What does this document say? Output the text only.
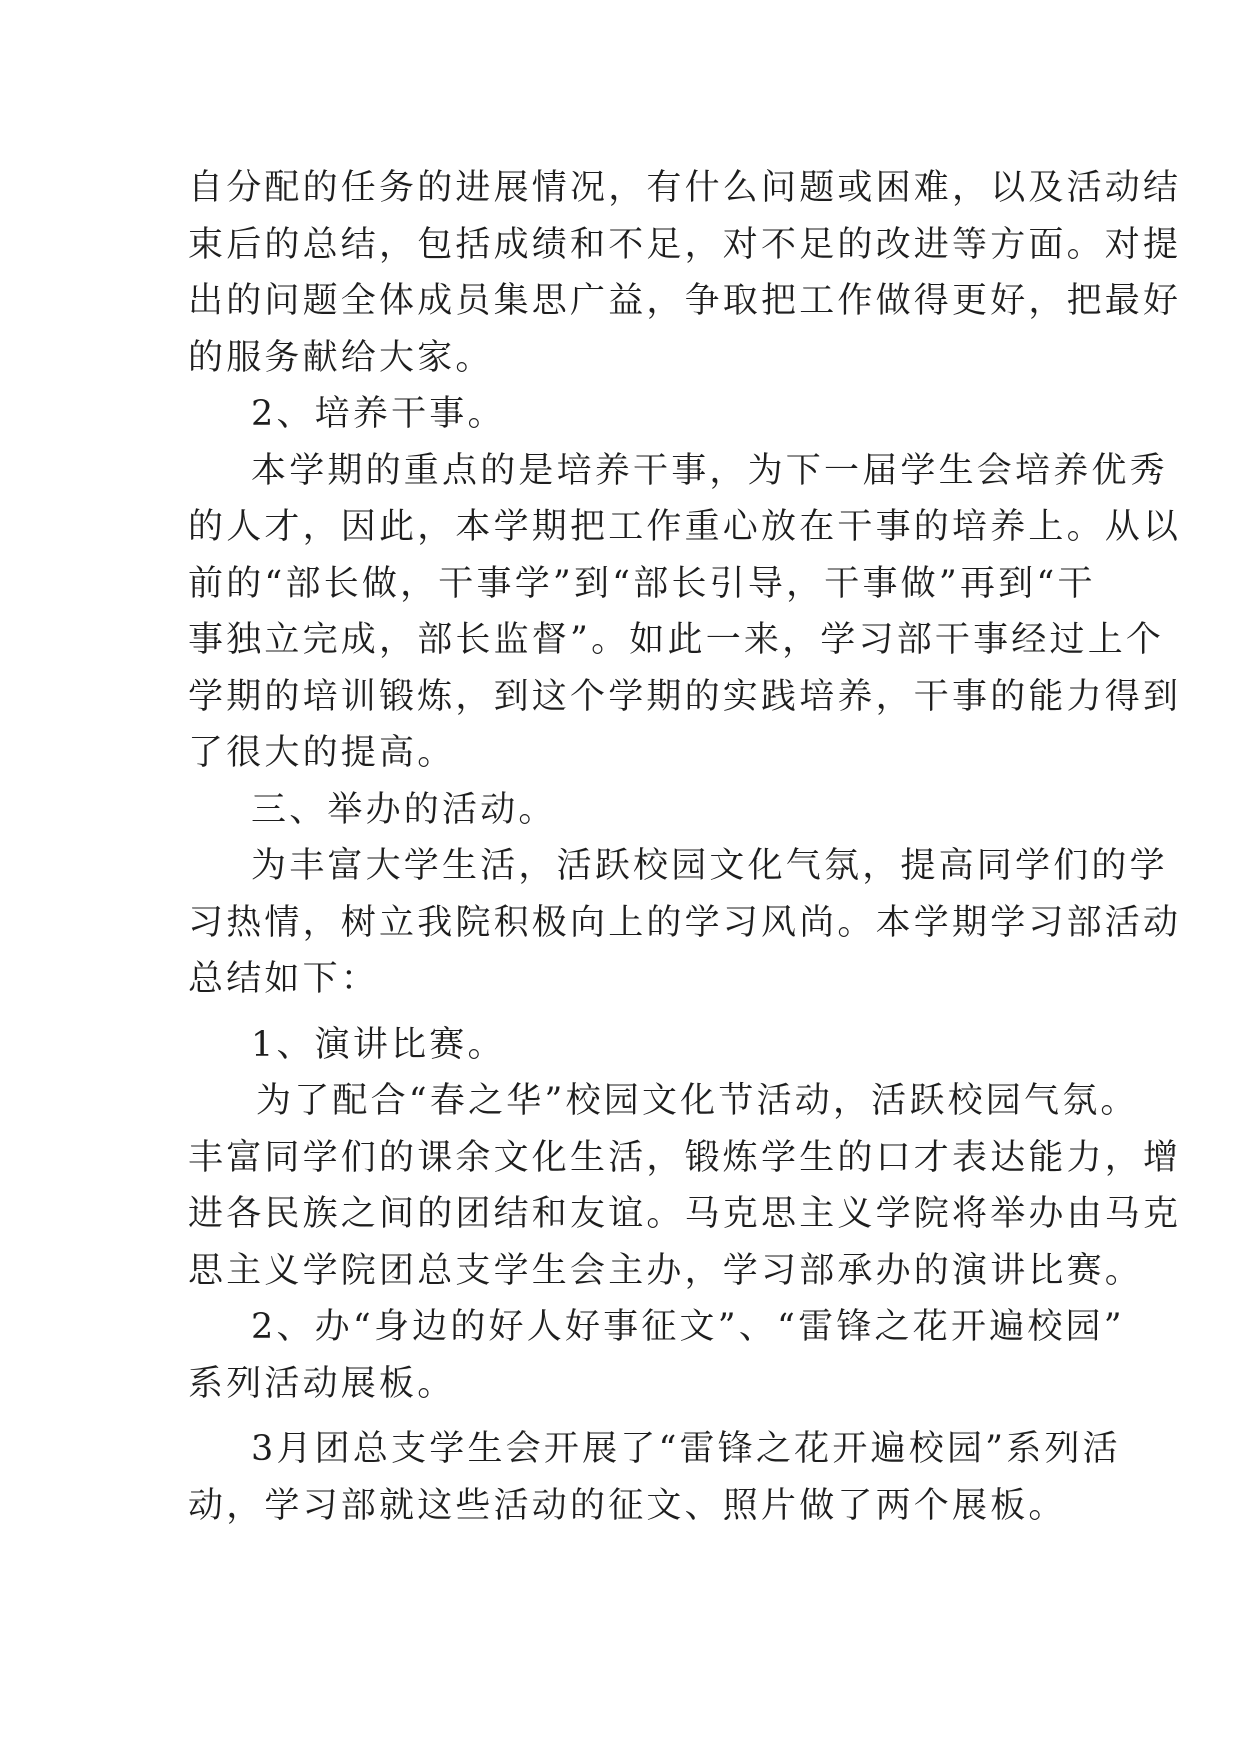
自分配的任务的进展情况，有什么问题或困难，以及活动结
束后的总结，包括成绩和不足，对不足的改进等方面。对提
出的问题全体成员集思广益，争取把工作做得更好，把最好
的服务献给大家。
2、培养干事。
本学期的重点的是培养干事，为下一届学生会培养优秀
的人才，因此，本学期把工作重心放在干事的培养上。从以
前的“部长做，干事学”到“部长引导，干事做”再到“干
事独立完成，部长监督”。如此一来，学习部干事经过上个
学期的培训锻炼，到这个学期的实践培养，干事的能力得到
了很大的提高。
三、举办的活动。
为丰富大学生活，活跃校园文化气氛，提高同学们的学
习热情，树立我院积极向上的学习风尚。本学期学习部活动
总结如下：
1、演讲比赛。
为了配合“春之华”校园文化节活动，活跃校园气氛。
丰富同学们的课余文化生活，锻炼学生的口才表达能力，增
进各民族之间的团结和友谊。马克思主义学院将举办由马克
思主义学院团总支学生会主办，学习部承办的演讲比赛。
2、办“身边的好人好事征文”、“雷锋之花开遍校园”
系列活动展板。
3月团总支学生会开展了“雷锋之花开遍校园”系列活
动，学习部就这些活动的征文、照片做了两个展板。
